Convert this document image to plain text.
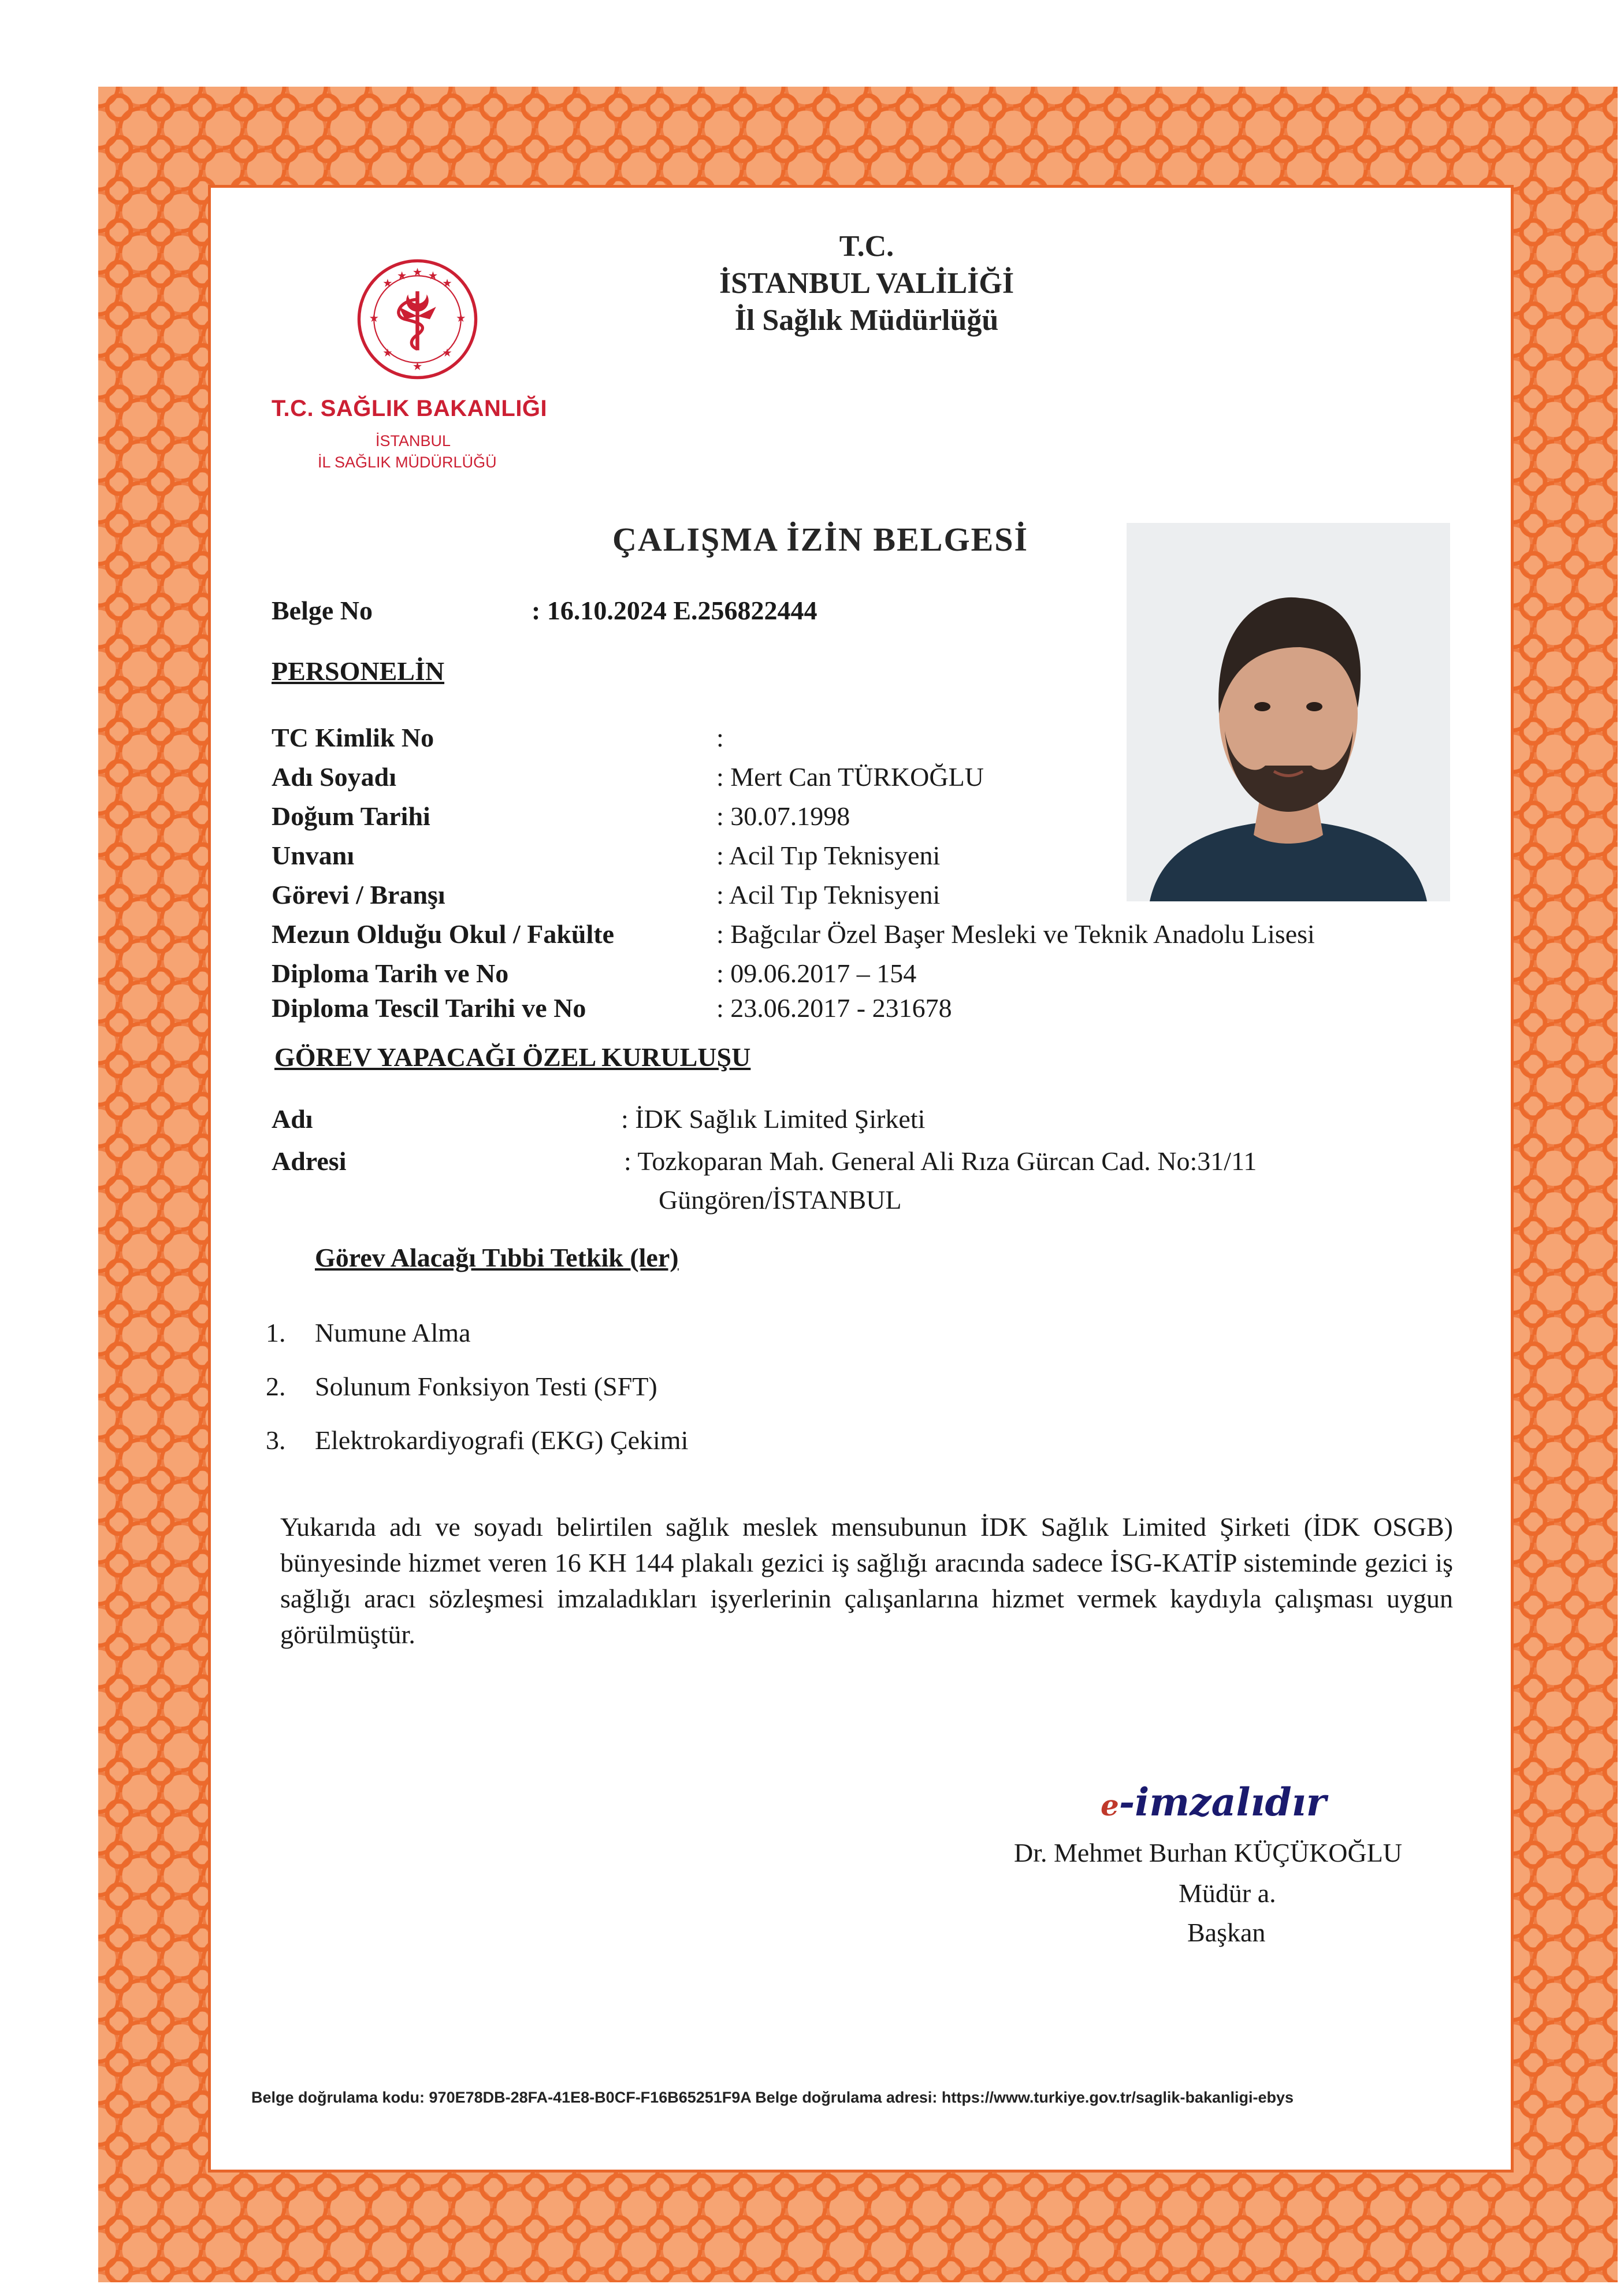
★
★
★
★
★
★
★
★
★
★
T.C. SAĞLIK BAKANLIĞI
İSTANBUL
İL SAĞLIK MÜDÜRLÜĞÜ
T.C.
İSTANBUL VALİLİĞİ
İl Sağlık Müdürlüğü
ÇALIŞMA İZİN BELGESİ
Belge No	: 16.10.2024 E.256822444
PERSONELİN
TC Kimlik No	:
Adı Soyadı	: Mert Can TÜRKOĞLU
Doğum Tarihi	: 30.07.1998
Unvanı	: Acil Tıp Teknisyeni
Görevi / Branşı	: Acil Tıp Teknisyeni
Mezun Olduğu Okul / Fakülte	: Bağcılar Özel Başer Mesleki ve Teknik Anadolu Lisesi
Diploma Tarih ve No	: 09.06.2017 – 154
Diploma Tescil Tarihi ve No	: 23.06.2017 - 231678
GÖREV YAPACAĞI ÖZEL KURULUŞU
Adı	: İDK Sağlık Limited Şirketi
Adresi	: Tozkoparan Mah. General Ali Rıza Gürcan Cad. No:31/11
Güngören/İSTANBUL
Görev Alacağı Tıbbi Tetkik (ler)
1. Numune Alma
2. Solunum Fonksiyon Testi (SFT)
3. Elektrokardiyografi (EKG) Çekimi
Yukarıda adı ve soyadı belirtilen sağlık meslek mensubunun İDK Sağlık Limited Şirketi (İDK OSGB) bünyesinde hizmet veren 16 KH 144 plakalı gezici iş sağlığı aracında sadece İSG-KATİP sisteminde gezici iş sağlığı aracı sözleşmesi imzaladıkları işyerlerinin çalışanlarına hizmet vermek kaydıyla çalışması uygun görülmüştür.
e-imzalıdır
Dr. Mehmet Burhan KÜÇÜKOĞLU
Müdür a.
Başkan
Belge doğrulama kodu: 970E78DB-28FA-41E8-B0CF-F16B65251F9A Belge doğrulama adresi: https://www.turkiye.gov.tr/saglik-bakanligi-ebys
